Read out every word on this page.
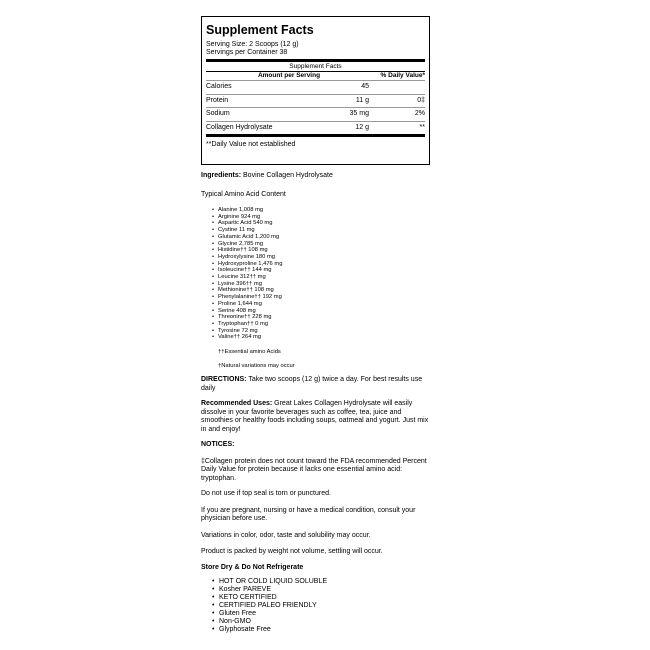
Supplement Facts
Serving Size: 2 Scoops (12 g)
Servings per Container 38
Supplement Facts
Amount per Serving	% Daily Value*
Calories	45
Protein	11 g	0‡
Sodium	35 mg	2%
Collagen Hydrolysate	12 g	**
**Daily Value not established

Ingredients: Bovine Collagen Hydrolysate

Typical Amino Acid Content

• Alanine 1,008 mg
• Arginine 924 mg
• Aspartic Acid 540 mg
• Cystine 11 mg
• Glutamic Acid 1,200 mg
• Glycine 2,785 mg
• Histidine†† 108 mg
• Hydroxylysine 180 mg
• Hydroxyproline 1,476 mg
• Isoleucine†† 144 mg
• Leucine 312†† mg
• Lysine 396†† mg
• Methionine†† 108 mg
• Phenylalanine†† 192 mg
• Proline 1,644 mg
• Serine 408 mg
• Threonine†† 228 mg
• Tryptophan†† 0 mg
• Tyrosine 72 mg
• Valine†† 264 mg

††Essential amino Acids

†Natural variations may occur

DIRECTIONS: Take two scoops (12 g) twice a day. For best results use daily

Recommended Uses: Great Lakes Collagen Hydrolysate will easily dissolve in your favorite beverages such as coffee, tea, juice and smoothies or healthy foods including soups, oatmeal and yogurt. Just mix in and enjoy!

NOTICES:

‡Collagen protein does not count toward the FDA recommended Percent Daily Value for protein because it lacks one essential amino acid: tryptophan.

Do not use if top seal is torn or punctured.

If you are pregnant, nursing or have a medical condition, consult your physician before use.

Variations in color, odor, taste and solubility may occur.

Product is packed by weight not volume, settling will occur.

Store Dry & Do Not Refrigerate

• HOT OR COLD LIQUID SOLUBLE
• Kosher PAREVE
• KETO CERTIFIED
• CERTIFIED PALEO FRIENDLY
• Gluten Free
• Non-GMO
• Glyphosate Free
